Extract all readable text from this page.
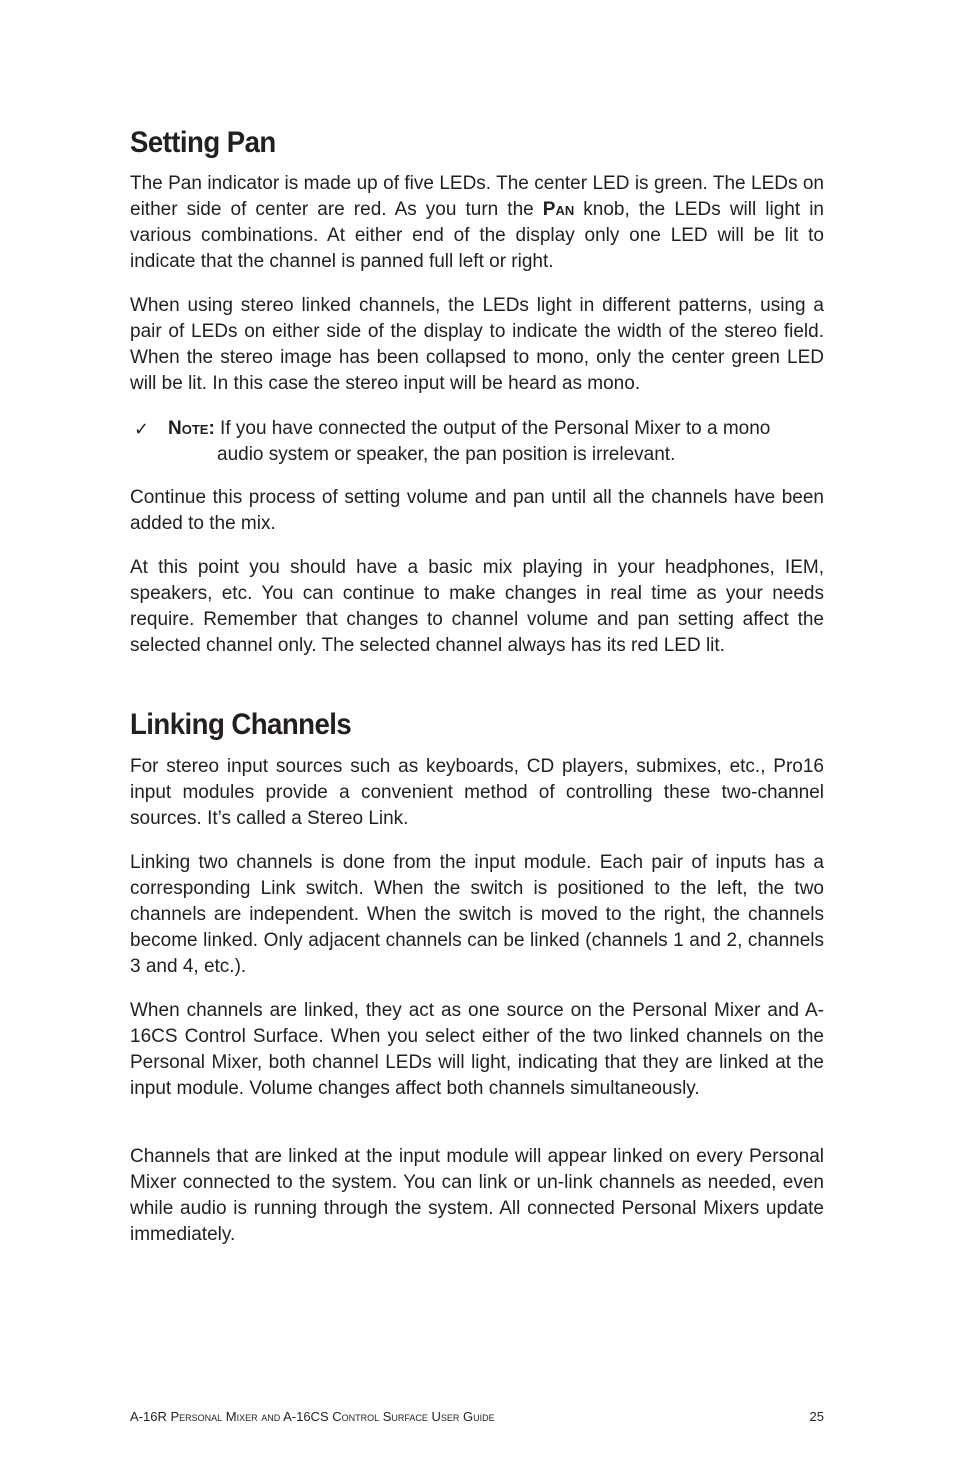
Setting Pan

The Pan indicator is made up of five LEDs. The center LED is green. The LEDs on either side of center are red. As you turn the Pan knob, the LEDs will light in various combinations. At either end of the display only one LED will be lit to indicate that the channel is panned full left or right.

When using stereo linked channels, the LEDs light in different patterns, using a pair of LEDs on either side of the display to indicate the width of the stereo field. When the stereo image has been collapsed to mono, only the center green LED will be lit. In this case the stereo input will be heard as mono.

✓ Note: If you have connected the output of the Personal Mixer to a mono
audio system or speaker, the pan position is irrelevant.

Continue this process of setting volume and pan until all the channels have been added to the mix.

At this point you should have a basic mix playing in your headphones, IEM, speakers, etc. You can continue to make changes in real time as your needs require. Remember that changes to channel volume and pan setting affect the selected channel only. The selected channel always has its red LED lit.

Linking Channels

For stereo input sources such as keyboards, CD players, submixes, etc., Pro16 input modules provide a convenient method of controlling these two-channel sources. It’s called a Stereo Link.

Linking two channels is done from the input module. Each pair of inputs has a corresponding Link switch. When the switch is positioned to the left, the two channels are independent. When the switch is moved to the right, the channels become linked. Only adjacent channels can be linked (channels 1 and 2, channels 3 and 4, etc.).

When channels are linked, they act as one source on the Personal Mixer and A-16CS Control Surface. When you select either of the two linked channels on the Personal Mixer, both channel LEDs will light, indicating that they are linked at the input module. Volume changes affect both channels simultaneously.

Channels that are linked at the input module will appear linked on every Personal Mixer connected to the system. You can link or un-link channels as needed, even while audio is running through the system. All connected Personal Mixers update immediately.

A-16R Personal Mixer and A-16CS Control Surface User Guide	25
